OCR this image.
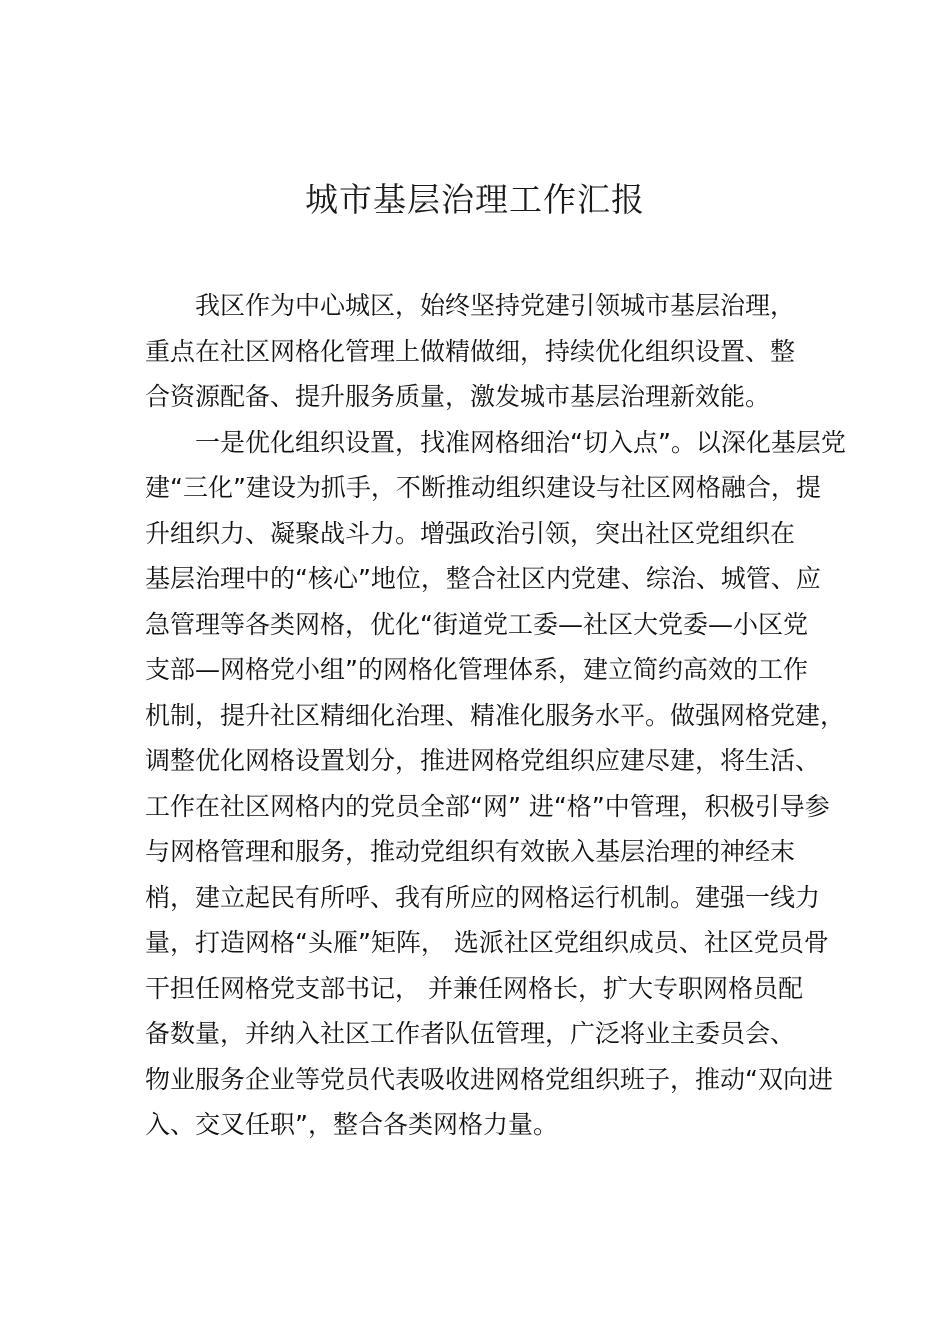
城市基层治理工作汇报
我区作为中心城区，始终坚持党建引领城市基层治理，
重点在社区网格化管理上做精做细，持续优化组织设置、整
合资源配备、提升服务质量，激发城市基层治理新效能。
一是优化组织设置，找准网格细治“切入点”。以深化基层党
建“三化”建设为抓手，不断推动组织建设与社区网格融合，提
升组织力、凝聚战斗力。增强政治引领，突出社区党组织在
基层治理中的“核心”地位，整合社区内党建、综治、城管、应
急管理等各类网格，优化“街道党工委—社区大党委—小区党
支部—网格党小组”的网格化管理体系，建立简约高效的工作
机制，提升社区精细化治理、精准化服务水平。做强网格党建，
调整优化网格设置划分，推进网格党组织应建尽建，将生活、
工作在社区网格内的党员全部“网” 进“格”中管理，积极引导参
与网格管理和服务，推动党组织有效嵌入基层治理的神经末
梢，建立起民有所呼、我有所应的网格运行机制。建强一线力
量，打造网格“头雁”矩阵， 选派社区党组织成员、社区党员骨
干担任网格党支部书记， 并兼任网格长，扩大专职网格员配
备数量，并纳入社区工作者队伍管理，广泛将业主委员会、
物业服务企业等党员代表吸收进网格党组织班子，推动“双向进
入、交叉任职”，整合各类网格力量。
